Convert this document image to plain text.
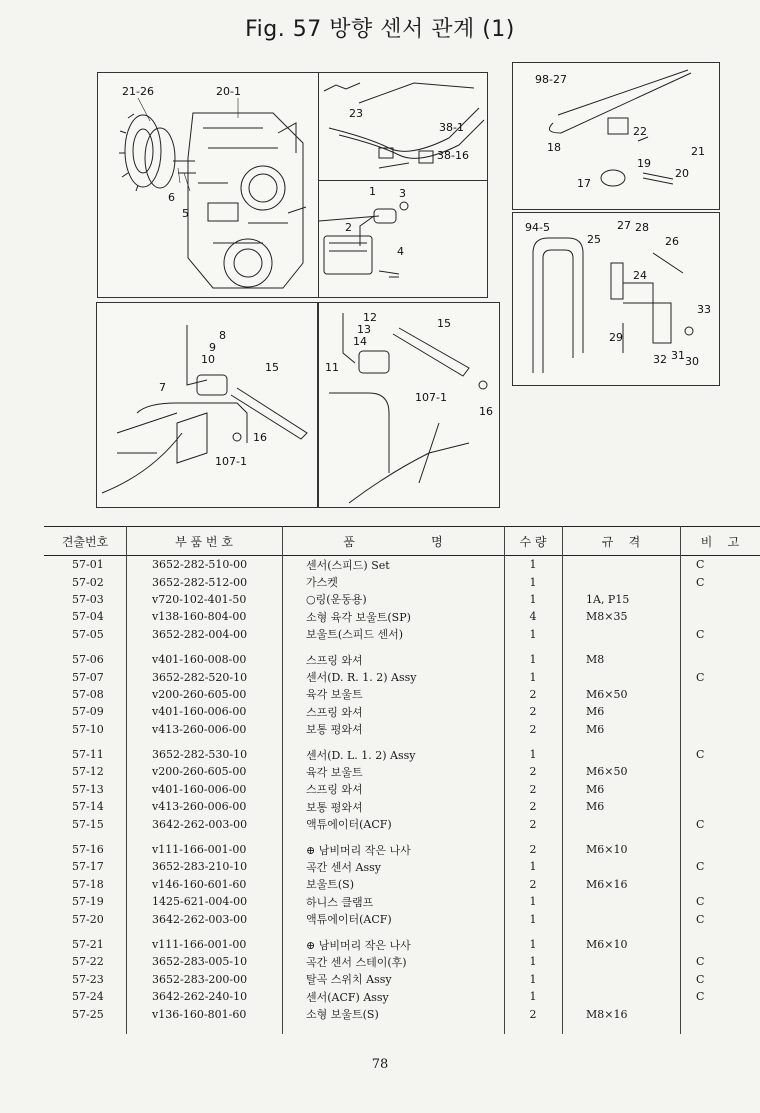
Fig. 57 방향 센서 관계 (1)
21-26	20-1
6
5
23
38-1
38-16
1 3
2
4
98-27
22
18	21
19
20
17
94-5	27 28
25	26
24
33
29
32 31 30
8
9
10
15
7
16
107-1
12
13	15
14
11
107-1
16
견출번호	부 품 번 호	품                    명	수 량	규    격	비    고
57-01	3652-282-510-00	센서(스피드) Set	1		C
57-02	3652-282-512-00	가스켓	1		C
57-03	v720-102-401-50	○링(운동용)	1	1A, P15	
57-04	v138-160-804-00	소형 육각 보울트(SP)	4	M8×35	
57-05	3652-282-004-00	보울트(스피드 센서)	1		C

57-06	v401-160-008-00	스프링 와셔	1	M8	
57-07	3652-282-520-10	센서(D. R. 1. 2) Assy	1		C
57-08	v200-260-605-00	육각 보울트	2	M6×50	
57-09	v401-160-006-00	스프링 와셔	2	M6	
57-10	v413-260-006-00	보통 평와셔	2	M6	

57-11	3652-282-530-10	센서(D. L. 1. 2) Assy	1		C
57-12	v200-260-605-00	육각 보울트	2	M6×50	
57-13	v401-160-006-00	스프링 와셔	2	M6	
57-14	v413-260-006-00	보통 평와셔	2	M6	
57-15	3642-262-003-00	액튜에이터(ACF)	2		C

57-16	v111-166-001-00	⊕ 남비머리 작은 나사	2	M6×10	
57-17	3652-283-210-10	곡간 센서 Assy	1		C
57-18	v146-160-601-60	보울트(S)	2	M6×16	
57-19	1425-621-004-00	하니스 클램프	1		C
57-20	3642-262-003-00	액튜에이터(ACF)	1		C

57-21	v111-166-001-00	⊕ 남비머리 작은 나사	1	M6×10	
57-22	3652-283-005-10	곡간 센서 스테이(후)	1		C
57-23	3652-283-200-00	탈곡 스위치 Assy	1		C
57-24	3642-262-240-10	센서(ACF) Assy	1		C
57-25	v136-160-801-60	소형 보울트(S)	2	M8×16	
78
